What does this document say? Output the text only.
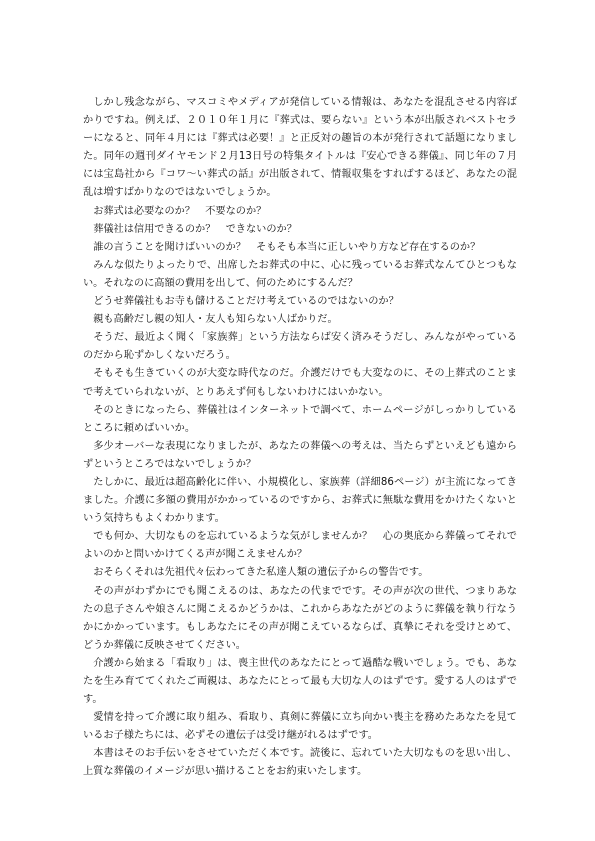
しかし残念ながら、マスコミやメディアが発信している情報は、あなたを混乱させる内容ばかりですね。例えば、２０１０年１月に『葬式は、要らない』という本が出版されベストセラーになると、同年４月には『葬式は必要！』と正反対の趣旨の本が発行されて話題になりました。同年の週刊ダイヤモンド２月13日号の特集タイトルは『安心できる葬儀』、同じ年の７月には宝島社から『コワ〜い葬式の話』が出版されて、情報収集をすればするほど、あなたの混乱は増すばかりなのではないでしょうか。

お葬式は必要なのか？　不要なのか？

葬儀社は信用できるのか？　できないのか？

誰の言うことを聞けばいいのか？　そもそも本当に正しいやり方など存在するのか？

みんな似たりよったりで、出席したお葬式の中に、心に残っているお葬式なんてひとつもない。それなのに高額の費用を出して、何のためにするんだ？

どうせ葬儀社もお寺も儲けることだけ考えているのではないのか？

親も高齢だし親の知人・友人も知らない人ばかりだ。

そうだ、最近よく聞く「家族葬」という方法ならば安く済みそうだし、みんながやっているのだから恥ずかしくないだろう。

そもそも生きていくのが大変な時代なのだ。介護だけでも大変なのに、その上葬式のことまで考えていられないが、とりあえず何もしないわけにはいかない。

そのときになったら、葬儀社はインターネットで調べて、ホームページがしっかりしているところに頼めばいいか。

多少オーバーな表現になりましたが、あなたの葬儀への考えは、当たらずといえども遠からずというところではないでしょうか？

たしかに、最近は超高齢化に伴い、小規模化し、家族葬（詳細86ページ）が主流になってきました。介護に多額の費用がかかっているのですから、お葬式に無駄な費用をかけたくないという気持ちもよくわかります。

でも何か、大切なものを忘れているような気がしませんか？　心の奥底から葬儀ってそれでよいのかと問いかけてくる声が聞こえませんか？

おそらくそれは先祖代々伝わってきた私達人類の遺伝子からの警告です。

その声がわずかにでも聞こえるのは、あなたの代までです。その声が次の世代、つまりあなたの息子さんや娘さんに聞こえるかどうかは、これからあなたがどのように葬儀を執り行なうかにかかっています。もしあなたにその声が聞こえているならば、真摯にそれを受けとめて、どうか葬儀に反映させてください。

介護から始まる「看取り」は、喪主世代のあなたにとって過酷な戦いでしょう。でも、あなたを生み育ててくれたご両親は、あなたにとって最も大切な人のはずです。愛する人のはずです。

愛情を持って介護に取り組み、看取り、真剣に葬儀に立ち向かい喪主を務めたあなたを見ているお子様たちには、必ずその遺伝子は受け継がれるはずです。

本書はそのお手伝いをさせていただく本です。読後に、忘れていた大切なものを思い出し、上質な葬儀のイメージが思い描けることをお約束いたします。
